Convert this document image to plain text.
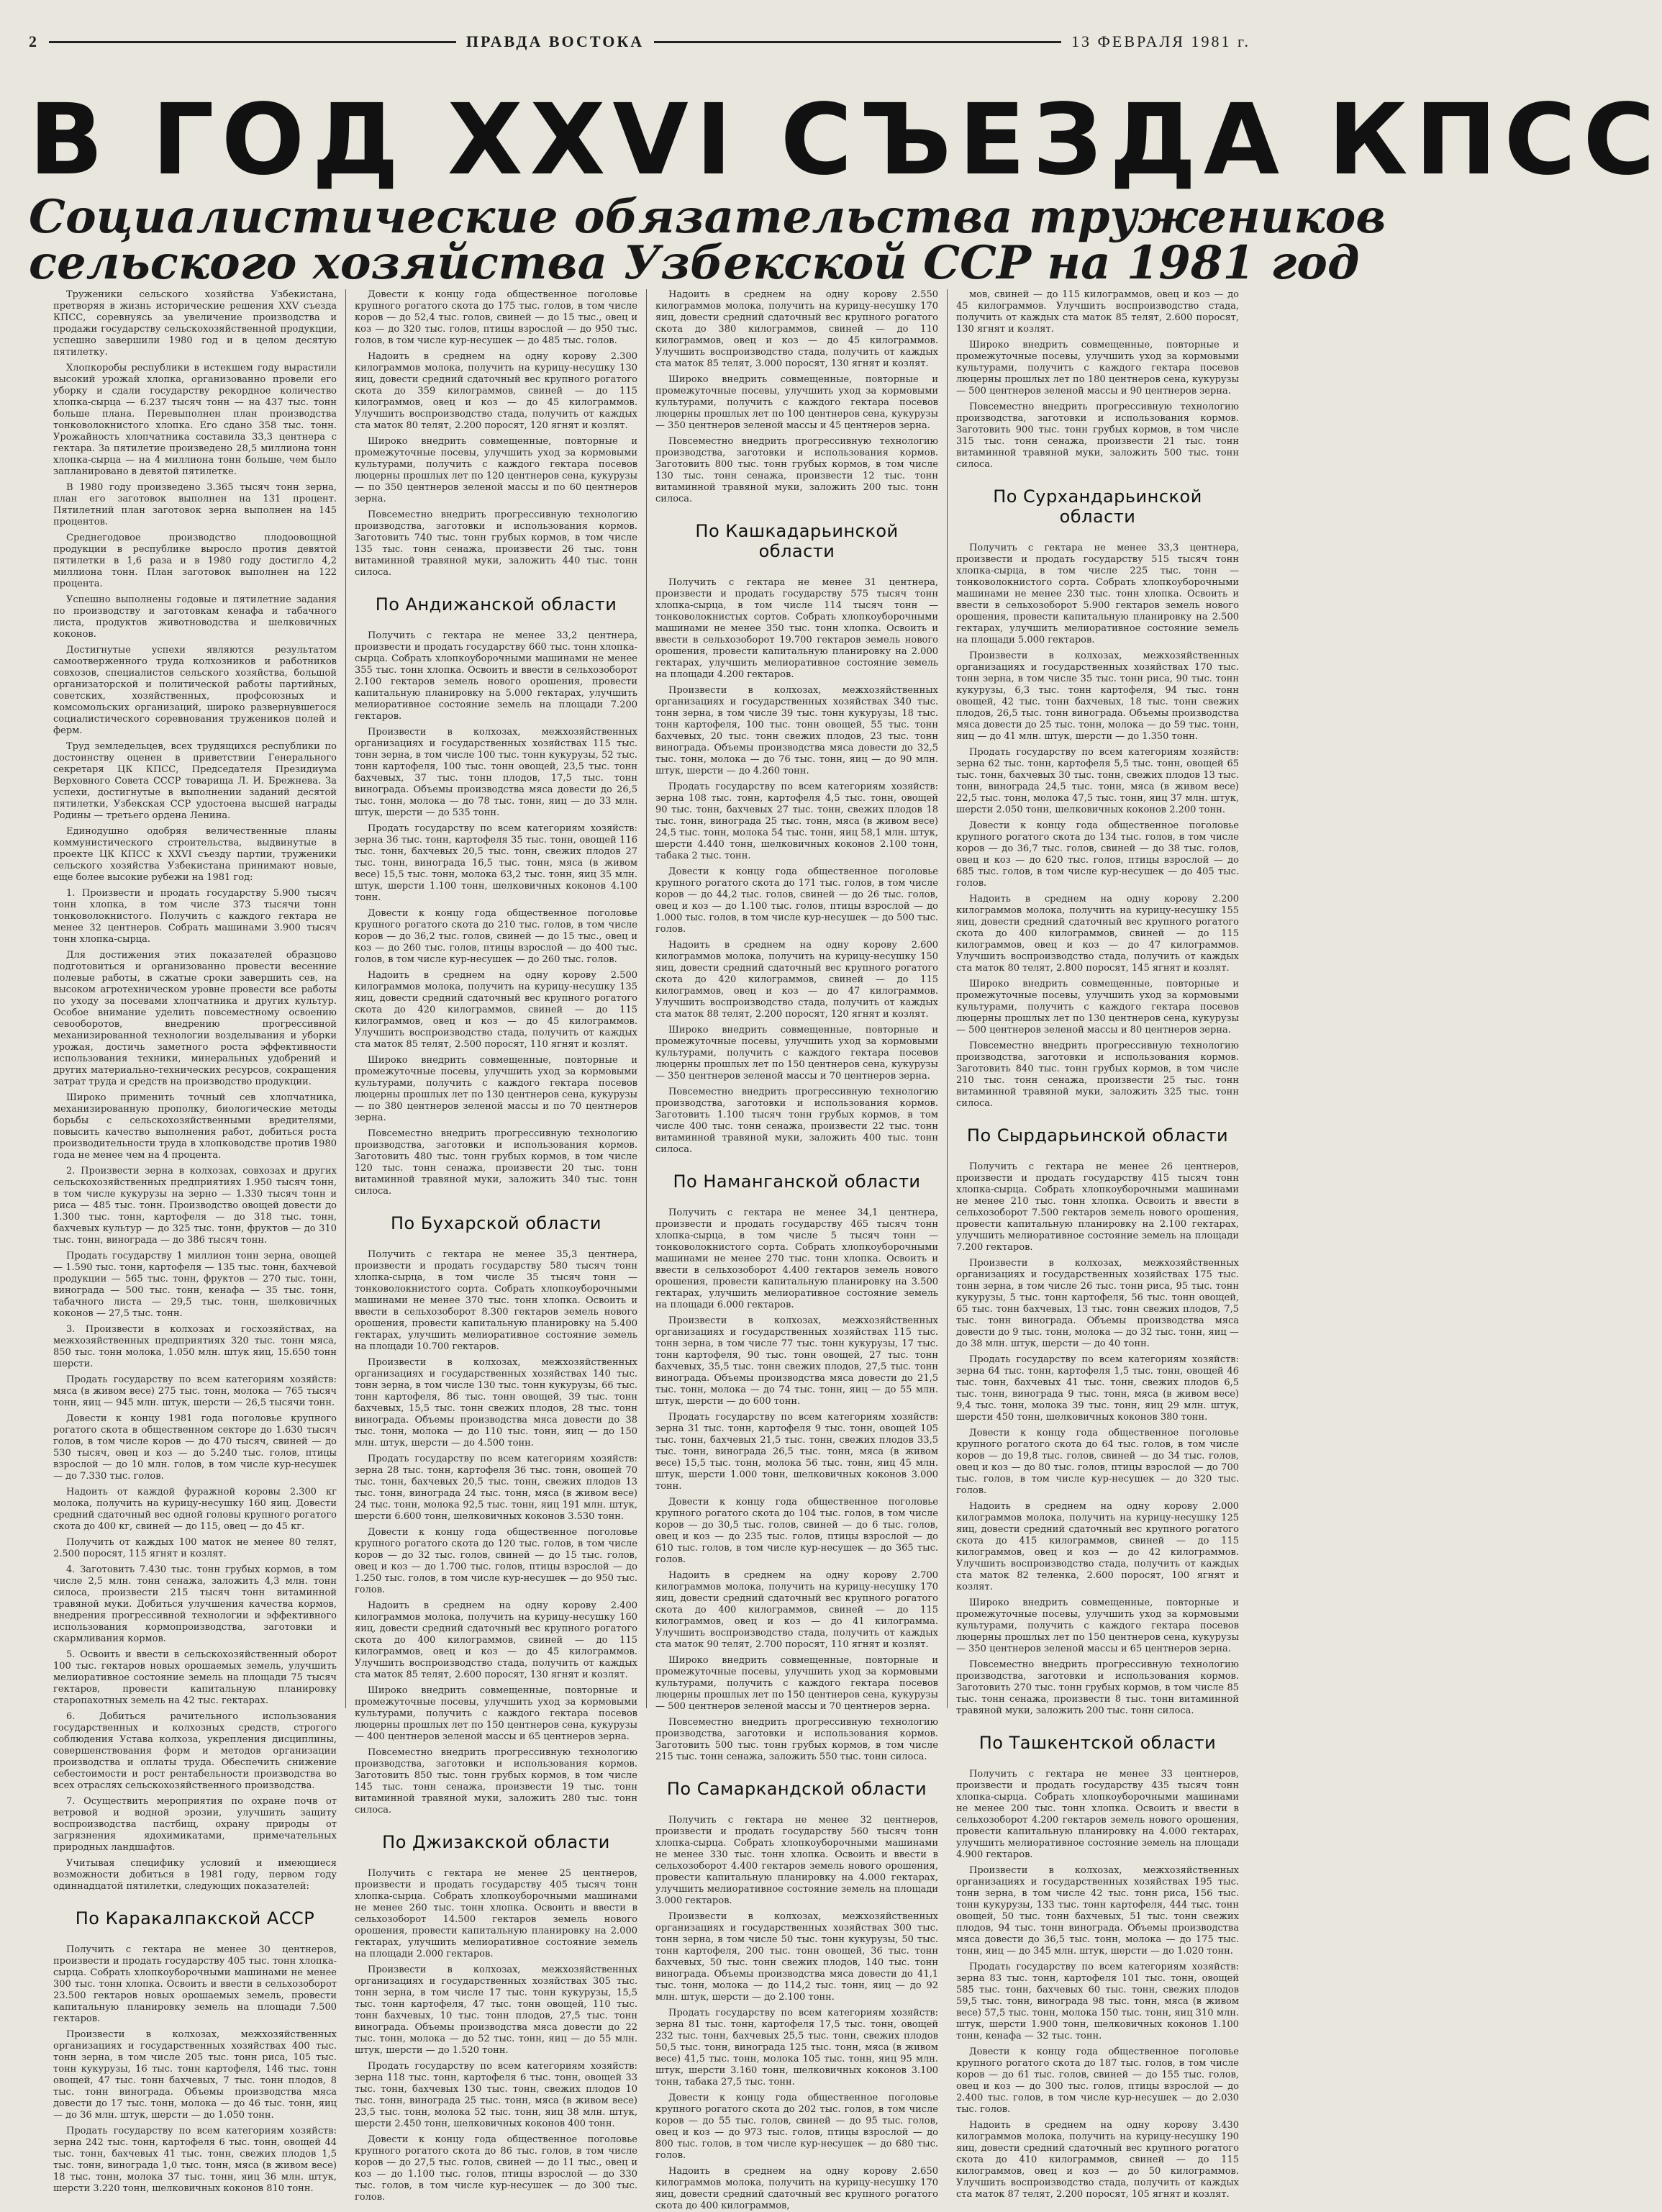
2	ПРАВДА ВОСТОКА	13 ФЕВРАЛЯ 1981 г.
В ГОД XXVI СЪЕЗДА КПСС
Социалистические обязательства тружеников
сельского хозяйства Узбекской ССР на 1981 год

Труженики сельского хозяйства Узбекистана, претворяя в жизнь исторические решения XXV съезда КПСС, соревнуясь за увеличение производства и продажи государству сельскохозяйственной продукции, успешно завершили 1980 год и в целом десятую пятилетку.

Хлопкоробы республики в истекшем году вырастили высокий урожай хлопка, организованно провели его уборку и сдали государству рекордное количество хлопка-сырца — 6.237 тысяч тонн — на 437 тыс. тонн больше плана. Перевыполнен план производства тонковолокнистого хлопка. Его сдано 358 тыс. тонн. Урожайность хлопчатника составила 33,3 центнера с гектара. За пятилетие произведено 28,5 миллиона тонн хлопка-сырца — на 4 миллиона тонн больше, чем было запланировано в девятой пятилетке.

В 1980 году произведено 3.365 тысяч тонн зерна, план его заготовок выполнен на 131 процент. Пятилетний план заготовок зерна выполнен на 145 процентов.

Среднегодовое производство плодоовощной продукции в республике выросло против девятой пятилетки в 1,6 раза и в 1980 году достигло 4,2 миллиона тонн. План заготовок выполнен на 122 процента.

Успешно выполнены годовые и пятилетние задания по производству и заготовкам кенафа и табачного листа, продуктов животноводства и шелковичных коконов.

Достигнутые успехи являются результатом самоотверженного труда колхозников и работников совхозов, специалистов сельского хозяйства, большой организаторской и политической работы партийных, советских, хозяйственных, профсоюзных и комсомольских организаций, широко развернувшегося социалистического соревнования тружеников полей и ферм.

Труд земледельцев, всех трудящихся республики по достоинству оценен в приветствии Генерального секретаря ЦК КПСС, Председателя Президиума Верховного Совета СССР товарища Л. И. Брежнева. За успехи, достигнутые в выполнении заданий десятой пятилетки, Узбекская ССР удостоена высшей награды Родины — третьего ордена Ленина.

Единодушно одобряя величественные планы коммунистического строительства, выдвинутые в проекте ЦК КПСС к XXVI съезду партии, труженики сельского хозяйства Узбекистана принимают новые, еще более высокие рубежи на 1981 год:

1. Произвести и продать государству 5.900 тысяч тонн хлопка, в том числе 373 тысячи тонн тонковолокнистого. Получить с каждого гектара не менее 32 центнеров. Собрать машинами 3.900 тысяч тонн хлопка-сырца.

Для достижения этих показателей образцово подготовиться и организованно провести весенние полевые работы, в сжатые сроки завершить сев, на высоком агротехническом уровне провести все работы по уходу за посевами хлопчатника и других культур. Особое внимание уделить повсеместному освоению севооборотов, внедрению прогрессивной механизированной технологии возделывания и уборки урожая, достичь заметного роста эффективности использования техники, минеральных удобрений и других материально-технических ресурсов, сокращения затрат труда и средств на производство продукции.

Широко применить точный сев хлопчатника, механизированную прополку, биологические методы борьбы с сельскохозяйственными вредителями, повысить качество выполнения работ, добиться роста производительности труда в хлопководстве против 1980 года не менее чем на 4 процента.

2. Произвести зерна в колхозах, совхозах и других сельскохозяйственных предприятиях 1.950 тысяч тонн, в том числе кукурузы на зерно — 1.330 тысяч тонн и риса — 485 тыс. тонн. Производство овощей довести до 1.300 тыс. тонн, картофеля — до 318 тыс. тонн, бахчевых культур — до 325 тыс. тонн, фруктов — до 310 тыс. тонн, винограда — до 386 тысяч тонн.

Продать государству 1 миллион тонн зерна, овощей — 1.590 тыс. тонн, картофеля — 135 тыс. тонн, бахчевой продукции — 565 тыс. тонн, фруктов — 270 тыс. тонн, винограда — 500 тыс. тонн, кенафа — 35 тыс. тонн, табачного листа — 29,5 тыс. тонн, шелковичных коконов — 27,5 тыс. тонн.

3. Произвести в колхозах и госхозяйствах, на межхозяйственных предприятиях 320 тыс. тонн мяса, 850 тыс. тонн молока, 1.050 млн. штук яиц, 15.650 тонн шерсти.

Продать государству по всем категориям хозяйств: мяса (в живом весе) 275 тыс. тонн, молока — 765 тысяч тонн, яиц — 945 млн. штук, шерсти — 26,5 тысячи тонн.

Довести к концу 1981 года поголовье крупного рогатого скота в общественном секторе до 1.630 тысяч голов, в том числе коров — до 470 тысяч, свиней — до 530 тысяч, овец и коз — до 5.240 тыс. голов, птицы взрослой — до 10 млн. голов, в том числе кур-несушек — до 7.330 тыс. голов.

Надоить от каждой фуражной коровы 2.300 кг молока, получить на курицу-несушку 160 яиц. Довести средний сдаточный вес одной головы крупного рогатого скота до 400 кг, свиней — до 115, овец — до 45 кг.

Получить от каждых 100 маток не менее 80 телят, 2.500 поросят, 115 ягнят и козлят.

4. Заготовить 7.430 тыс. тонн грубых кормов, в том числе 2,5 млн. тонн сенажа, заложить 4,3 млн. тонн силоса, произвести 215 тысяч тонн витаминной травяной муки. Добиться улучшения качества кормов, внедрения прогрессивной технологии и эффективного использования кормопроизводства, заготовки и скармливания кормов.

5. Освоить и ввести в сельскохозяйственный оборот 100 тыс. гектаров новых орошаемых земель, улучшить мелиоративное состояние земель на площади 75 тысяч гектаров, провести капитальную планировку старопахотных земель на 42 тыс. гектарах.

6. Добиться рачительного использования государственных и колхозных средств, строгого соблюдения Устава колхоза, укрепления дисциплины, совершенствования форм и методов организации производства и оплаты труда. Обеспечить снижение себестоимости и рост рентабельности производства во всех отраслях сельскохозяйственного производства.

7. Осуществить мероприятия по охране почв от ветровой и водной эрозии, улучшить защиту воспроизводства пастбищ, охрану природы от загрязнения ядохимикатами, примечательных природных ландшафтов.

Учитывая специфику условий и имеющиеся возможности добиться в 1981 году, первом году одиннадцатой пятилетки, следующих показателей:

По Каракалпакской АССР

Получить с гектара не менее 30 центнеров, произвести и продать государству 405 тыс. тонн хлопка-сырца. Собрать хлопкоуборочными машинами не менее 300 тыс. тонн хлопка. Освоить и ввести в сельхозоборот 23.500 гектаров новых орошаемых земель, провести капитальную планировку земель на площади 7.500 гектаров.

Произвести в колхозах, межхозяйственных организациях и государственных хозяйствах 400 тыс. тонн зерна, в том числе 205 тыс. тонн риса, 105 тыс. тонн кукурузы, 16 тыс. тонн картофеля, 146 тыс. тонн овощей, 47 тыс. тонн бахчевых, 7 тыс. тонн плодов, 8 тыс. тонн винограда. Объемы производства мяса довести до 17 тыс. тонн, молока — до 46 тыс. тонн, яиц — до 36 млн. штук, шерсти — до 1.050 тонн.

Продать государству по всем категориям хозяйств: зерна 242 тыс. тонн, картофеля 6 тыс. тонн, овощей 44 тыс. тонн, бахчевых 41 тыс. тонн, свежих плодов 1,5 тыс. тонн, винограда 1,0 тыс. тонн, мяса (в живом весе) 18 тыс. тонн, молока 37 тыс. тонн, яиц 36 млн. штук, шерсти 3.220 тонн, шелковичных коконов 810 тонн.

Довести к концу года общественное поголовье крупного рогатого скота до 175 тыс. голов, в том числе коров — до 52,4 тыс. голов, свиней — до 15 тыс., овец и коз — до 320 тыс. голов, птицы взрослой — до 950 тыс. голов, в том числе кур-несушек — до 485 тыс. голов.

Надоить в среднем на одну корову 2.300 килограммов молока, получить на курицу-несушку 130 яиц, довести средний сдаточный вес крупного рогатого скота до 359 килограммов, свиней — до 115 килограммов, овец и коз — до 45 килограммов. Улучшить воспроизводство стада, получить от каждых ста маток 80 телят, 2.200 поросят, 120 ягнят и козлят.

Широко внедрить совмещенные, повторные и промежуточные посевы, улучшить уход за кормовыми культурами, получить с каждого гектара посевов люцерны прошлых лет по 120 центнеров сена, кукурузы — по 350 центнеров зеленой массы и по 60 центнеров зерна.

Повсеместно внедрить прогрессивную технологию производства, заготовки и использования кормов. Заготовить 740 тыс. тонн грубых кормов, в том числе 135 тыс. тонн сенажа, произвести 26 тыс. тонн витаминной травяной муки, заложить 440 тыс. тонн силоса.

По Андижанской области

Получить с гектара не менее 33,2 центнера, произвести и продать государству 660 тыс. тонн хлопка-сырца. Собрать хлопкоуборочными машинами не менее 355 тыс. тонн хлопка. Освоить и ввести в сельхозоборот 2.100 гектаров земель нового орошения, провести капитальную планировку на 5.000 гектарах, улучшить мелиоративное состояние земель на площади 7.200 гектаров.

Произвести в колхозах, межхозяйственных организациях и государственных хозяйствах 115 тыс. тонн зерна, в том числе 100 тыс. тонн кукурузы, 52 тыс. тонн картофеля, 100 тыс. тонн овощей, 23,5 тыс. тонн бахчевых, 37 тыс. тонн плодов, 17,5 тыс. тонн винограда. Объемы производства мяса довести до 26,5 тыс. тонн, молока — до 78 тыс. тонн, яиц — до 33 млн. штук, шерсти — до 535 тонн.

Продать государству по всем категориям хозяйств: зерна 36 тыс. тонн, картофеля 35 тыс. тонн, овощей 116 тыс. тонн, бахчевых 20,5 тыс. тонн, свежих плодов 27 тыс. тонн, винограда 16,5 тыс. тонн, мяса (в живом весе) 15,5 тыс. тонн, молока 63,2 тыс. тонн, яиц 35 млн. штук, шерсти 1.100 тонн, шелковичных коконов 4.100 тонн.

Довести к концу года общественное поголовье крупного рогатого скота до 210 тыс. голов, в том числе коров — до 36,2 тыс. голов, свиней — до 15 тыс., овец и коз — до 260 тыс. голов, птицы взрослой — до 400 тыс. голов, в том числе кур-несушек — до 260 тыс. голов.

Надоить в среднем на одну корову 2.500 килограммов молока, получить на курицу-несушку 135 яиц, довести средний сдаточный вес крупного рогатого скота до 420 килограммов, свиней — до 115 килограммов, овец и коз — до 45 килограммов. Улучшить воспроизводство стада, получить от каждых ста маток 85 телят, 2.500 поросят, 110 ягнят и козлят.

Широко внедрить совмещенные, повторные и промежуточные посевы, улучшить уход за кормовыми культурами, получить с каждого гектара посевов люцерны прошлых лет по 130 центнеров сена, кукурузы — по 380 центнеров зеленой массы и по 70 центнеров зерна.

Повсеместно внедрить прогрессивную технологию производства, заготовки и использования кормов. Заготовить 480 тыс. тонн грубых кормов, в том числе 120 тыс. тонн сенажа, произвести 20 тыс. тонн витаминной травяной муки, заложить 340 тыс. тонн силоса.

По Бухарской области

Получить с гектара не менее 35,3 центнера, произвести и продать государству 580 тысяч тонн хлопка-сырца, в том числе 35 тысяч тонн — тонковолокнистого сорта. Собрать хлопкоуборочными машинами не менее 370 тыс. тонн хлопка. Освоить и ввести в сельхозоборот 8.300 гектаров земель нового орошения, провести капитальную планировку на 5.400 гектарах, улучшить мелиоративное состояние земель на площади 10.700 гектаров.

Произвести в колхозах, межхозяйственных организациях и государственных хозяйствах 140 тыс. тонн зерна, в том числе 130 тыс. тонн кукурузы, 66 тыс. тонн картофеля, 86 тыс. тонн овощей, 39 тыс. тонн бахчевых, 15,5 тыс. тонн свежих плодов, 28 тыс. тонн винограда. Объемы производства мяса довести до 38 тыс. тонн, молока — до 110 тыс. тонн, яиц — до 150 млн. штук, шерсти — до 4.500 тонн.

Продать государству по всем категориям хозяйств: зерна 28 тыс. тонн, картофеля 36 тыс. тонн, овощей 70 тыс. тонн, бахчевых 20,5 тыс. тонн, свежих плодов 13 тыс. тонн, винограда 24 тыс. тонн, мяса (в живом весе) 24 тыс. тонн, молока 92,5 тыс. тонн, яиц 191 млн. штук, шерсти 6.600 тонн, шелковичных коконов 3.530 тонн.

Довести к концу года общественное поголовье крупного рогатого скота до 120 тыс. голов, в том числе коров — до 32 тыс. голов, свиней — до 15 тыс. голов, овец и коз — до 1.700 тыс. голов, птицы взрослой — до 1.250 тыс. голов, в том числе кур-несушек — до 950 тыс. голов.

Надоить в среднем на одну корову 2.400 килограммов молока, получить на курицу-несушку 160 яиц, довести средний сдаточный вес крупного рогатого скота до 400 килограммов, свиней — до 115 килограммов, овец и коз — до 45 килограммов. Улучшить воспроизводство стада, получить от каждых ста маток 85 телят, 2.600 поросят, 130 ягнят и козлят.

Широко внедрить совмещенные, повторные и промежуточные посевы, улучшить уход за кормовыми культурами, получить с каждого гектара посевов люцерны прошлых лет по 150 центнеров сена, кукурузы — 400 центнеров зеленой массы и 65 центнеров зерна.

Повсеместно внедрить прогрессивную технологию производства, заготовки и использования кормов. Заготовить 850 тыс. тонн грубых кормов, в том числе 145 тыс. тонн сенажа, произвести 19 тыс. тонн витаминной травяной муки, заложить 280 тыс. тонн силоса.

По Джизакской области

Получить с гектара не менее 25 центнеров, произвести и продать государству 405 тысяч тонн хлопка-сырца. Собрать хлопкоуборочными машинами не менее 260 тыс. тонн хлопка. Освоить и ввести в сельхозоборот 14.500 гектаров земель нового орошения, провести капитальную планировку на 2.000 гектарах, улучшить мелиоративное состояние земель на площади 2.000 гектаров.

Произвести в колхозах, межхозяйственных организациях и государственных хозяйствах 305 тыс. тонн зерна, в том числе 17 тыс. тонн кукурузы, 15,5 тыс. тонн картофеля, 47 тыс. тонн овощей, 110 тыс. тонн бахчевых, 10 тыс. тонн плодов, 27,5 тыс. тонн винограда. Объемы производства мяса довести до 22 тыс. тонн, молока — до 52 тыс. тонн, яиц — до 55 млн. штук, шерсти — до 1.520 тонн.

Продать государству по всем категориям хозяйств: зерна 118 тыс. тонн, картофеля 6 тыс. тонн, овощей 33 тыс. тонн, бахчевых 130 тыс. тонн, свежих плодов 10 тыс. тонн, винограда 25 тыс. тонн, мяса (в живом весе) 23,5 тыс. тонн, молока 52 тыс. тонн, яиц 38 млн. штук, шерсти 2.450 тонн, шелковичных коконов 400 тонн.

Довести к концу года общественное поголовье крупного рогатого скота до 86 тыс. голов, в том числе коров — до 27,5 тыс. голов, свиней — до 11 тыс., овец и коз — до 1.100 тыс. голов, птицы взрослой — до 330 тыс. голов, в том числе кур-несушек — до 300 тыс. голов.

Надоить в среднем на одну корову 2.550 килограммов молока, получить на курицу-несушку 170 яиц, довести средний сдаточный вес крупного рогатого скота до 380 килограммов, свиней — до 110 килограммов, овец и коз — до 45 килограммов. Улучшить воспроизводство стада, получить от каждых ста маток 85 телят, 3.000 поросят, 130 ягнят и козлят.

Широко внедрить совмещенные, повторные и промежуточные посевы, улучшить уход за кормовыми культурами, получить с каждого гектара посевов люцерны прошлых лет по 100 центнеров сена, кукурузы — 350 центнеров зеленой массы и 45 центнеров зерна.

Повсеместно внедрить прогрессивную технологию производства, заготовки и использования кормов. Заготовить 800 тыс. тонн грубых кормов, в том числе 130 тыс. тонн сенажа, произвести 12 тыс. тонн витаминной травяной муки, заложить 200 тыс. тонн силоса.

По Кашкадарьинской области

Получить с гектара не менее 31 центнера, произвести и продать государству 575 тысяч тонн хлопка-сырца, в том числе 114 тысяч тонн — тонковолокнистых сортов. Собрать хлопкоуборочными машинами не менее 350 тыс. тонн хлопка. Освоить и ввести в сельхозоборот 19.700 гектаров земель нового орошения, провести капитальную планировку на 2.000 гектарах, улучшить мелиоративное состояние земель на площади 4.200 гектаров.

Произвести в колхозах, межхозяйственных организациях и государственных хозяйствах 340 тыс. тонн зерна, в том числе 39 тыс. тонн кукурузы, 18 тыс. тонн картофеля, 100 тыс. тонн овощей, 55 тыс. тонн бахчевых, 20 тыс. тонн свежих плодов, 23 тыс. тонн винограда. Объемы производства мяса довести до 32,5 тыс. тонн, молока — до 76 тыс. тонн, яиц — до 90 млн. штук, шерсти — до 4.260 тонн.

Продать государству по всем категориям хозяйств: зерна 108 тыс. тонн, картофеля 4,5 тыс. тонн, овощей 90 тыс. тонн, бахчевых 27 тыс. тонн, свежих плодов 18 тыс. тонн, винограда 25 тыс. тонн, мяса (в живом весе) 24,5 тыс. тонн, молока 54 тыс. тонн, яиц 58,1 млн. штук, шерсти 4.440 тонн, шелковичных коконов 2.100 тонн, табака 2 тыс. тонн.

Довести к концу года общественное поголовье крупного рогатого скота до 171 тыс. голов, в том числе коров — до 44,2 тыс. голов, свиней — до 26 тыс. голов, овец и коз — до 1.100 тыс. голов, птицы взрослой — до 1.000 тыс. голов, в том числе кур-несушек — до 500 тыс. голов.

Надоить в среднем на одну корову 2.600 килограммов молока, получить на курицу-несушку 150 яиц, довести средний сдаточный вес крупного рогатого скота до 420 килограммов, свиней — до 115 килограммов, овец и коз — до 47 килограммов. Улучшить воспроизводство стада, получить от каждых ста маток 88 телят, 2.200 поросят, 120 ягнят и козлят.

Широко внедрить совмещенные, повторные и промежуточные посевы, улучшить уход за кормовыми культурами, получить с каждого гектара посевов люцерны прошлых лет по 150 центнеров сена, кукурузы — 350 центнеров зеленой массы и 70 центнеров зерна.

Повсеместно внедрить прогрессивную технологию производства, заготовки и использования кормов. Заготовить 1.100 тысяч тонн грубых кормов, в том числе 400 тыс. тонн сенажа, произвести 22 тыс. тонн витаминной травяной муки, заложить 400 тыс. тонн силоса.

По Наманганской области

Получить с гектара не менее 34,1 центнера, произвести и продать государству 465 тысяч тонн хлопка-сырца, в том числе 5 тысяч тонн — тонковолокнистого сорта. Собрать хлопкоуборочными машинами не менее 270 тыс. тонн хлопка. Освоить и ввести в сельхозоборот 4.400 гектаров земель нового орошения, провести капитальную планировку на 3.500 гектарах, улучшить мелиоративное состояние земель на площади 6.000 гектаров.

Произвести в колхозах, межхозяйственных организациях и государственных хозяйствах 115 тыс. тонн зерна, в том числе 77 тыс. тонн кукурузы, 17 тыс. тонн картофеля, 90 тыс. тонн овощей, 27 тыс. тонн бахчевых, 35,5 тыс. тонн свежих плодов, 27,5 тыс. тонн винограда. Объемы производства мяса довести до 21,5 тыс. тонн, молока — до 74 тыс. тонн, яиц — до 55 млн. штук, шерсти — до 600 тонн.

Продать государству по всем категориям хозяйств: зерна 31 тыс. тонн, картофеля 9 тыс. тонн, овощей 105 тыс. тонн, бахчевых 21,5 тыс. тонн, свежих плодов 33,5 тыс. тонн, винограда 26,5 тыс. тонн, мяса (в живом весе) 15,5 тыс. тонн, молока 56 тыс. тонн, яиц 45 млн. штук, шерсти 1.000 тонн, шелковичных коконов 3.000 тонн.

Довести к концу года общественное поголовье крупного рогатого скота до 104 тыс. голов, в том числе коров — до 30,5 тыс. голов, свиней — до 6 тыс. голов, овец и коз — до 235 тыс. голов, птицы взрослой — до 610 тыс. голов, в том числе кур-несушек — до 365 тыс. голов.

Надоить в среднем на одну корову 2.700 килограммов молока, получить на курицу-несушку 170 яиц, довести средний сдаточный вес крупного рогатого скота до 400 килограммов, свиней — до 115 килограммов, овец и коз — до 41 килограмма. Улучшить воспроизводство стада, получить от каждых ста маток 90 телят, 2.700 поросят, 110 ягнят и козлят.

Широко внедрить совмещенные, повторные и промежуточные посевы, улучшить уход за кормовыми культурами, получить с каждого гектара посевов люцерны прошлых лет по 150 центнеров сена, кукурузы — 500 центнеров зеленой массы и 70 центнеров зерна.

Повсеместно внедрить прогрессивную технологию производства, заготовки и использования кормов. Заготовить 500 тыс. тонн грубых кормов, в том числе 215 тыс. тонн сенажа, заложить 550 тыс. тонн силоса.

По Самаркандской области

Получить с гектара не менее 32 центнеров, произвести и продать государству 560 тысяч тонн хлопка-сырца. Собрать хлопкоуборочными машинами не менее 330 тыс. тонн хлопка. Освоить и ввести в сельхозоборот 4.400 гектаров земель нового орошения, провести капитальную планировку на 4.000 гектарах, улучшить мелиоративное состояние земель на площади 3.000 гектаров.

Произвести в колхозах, межхозяйственных организациях и государственных хозяйствах 300 тыс. тонн зерна, в том числе 50 тыс. тонн кукурузы, 50 тыс. тонн картофеля, 200 тыс. тонн овощей, 36 тыс. тонн бахчевых, 50 тыс. тонн свежих плодов, 140 тыс. тонн винограда. Объемы производства мяса довести до 41,1 тыс. тонн, молока — до 114,2 тыс. тонн, яиц — до 92 млн. штук, шерсти — до 2.100 тонн.

Продать государству по всем категориям хозяйств: зерна 81 тыс. тонн, картофеля 17,5 тыс. тонн, овощей 232 тыс. тонн, бахчевых 25,5 тыс. тонн, свежих плодов 50,5 тыс. тонн, винограда 125 тыс. тонн, мяса (в живом весе) 41,5 тыс. тонн, молока 105 тыс. тонн, яиц 95 млн. штук, шерсти 3.160 тонн, шелковичных коконов 3.100 тонн, табака 27,5 тыс. тонн.

Довести к концу года общественное поголовье крупного рогатого скота до 202 тыс. голов, в том числе коров — до 55 тыс. голов, свиней — до 95 тыс. голов, овец и коз — до 973 тыс. голов, птицы взрослой — до 800 тыс. голов, в том числе кур-несушек — до 680 тыс. голов.

Надоить в среднем на одну корову 2.650 килограммов молока, получить на курицу-несушку 170 яиц, довести средний сдаточный вес крупного рогатого скота до 400 килограммов,

мов, свиней — до 115 килограммов, овец и коз — до 45 килограммов. Улучшить воспроизводство стада, получить от каждых ста маток 85 телят, 2.600 поросят, 130 ягнят и козлят.

Широко внедрить совмещенные, повторные и промежуточные посевы, улучшить уход за кормовыми культурами, получить с каждого гектара посевов люцерны прошлых лет по 180 центнеров сена, кукурузы — 500 центнеров зеленой массы и 90 центнеров зерна.

Повсеместно внедрить прогрессивную технологию производства, заготовки и использования кормов. Заготовить 900 тыс. тонн грубых кормов, в том числе 315 тыс. тонн сенажа, произвести 21 тыс. тонн витаминной травяной муки, заложить 500 тыс. тонн силоса.

По Сурхандарьинской области

Получить с гектара не менее 33,3 центнера, произвести и продать государству 515 тысяч тонн хлопка-сырца, в том числе 225 тыс. тонн — тонковолокнистого сорта. Собрать хлопкоуборочными машинами не менее 230 тыс. тонн хлопка. Освоить и ввести в сельхозоборот 5.900 гектаров земель нового орошения, провести капитальную планировку на 2.500 гектарах, улучшить мелиоративное состояние земель на площади 5.000 гектаров.

Произвести в колхозах, межхозяйственных организациях и государственных хозяйствах 170 тыс. тонн зерна, в том числе 35 тыс. тонн риса, 90 тыс. тонн кукурузы, 6,3 тыс. тонн картофеля, 94 тыс. тонн овощей, 42 тыс. тонн бахчевых, 18 тыс. тонн свежих плодов, 26,5 тыс. тонн винограда. Объемы производства мяса довести до 25 тыс. тонн, молока — до 59 тыс. тонн, яиц — до 41 млн. штук, шерсти — до 1.350 тонн.

Продать государству по всем категориям хозяйств: зерна 62 тыс. тонн, картофеля 5,5 тыс. тонн, овощей 65 тыс. тонн, бахчевых 30 тыс. тонн, свежих плодов 13 тыс. тонн, винограда 24,5 тыс. тонн, мяса (в живом весе) 22,5 тыс. тонн, молока 47,5 тыс. тонн, яиц 37 млн. штук, шерсти 2.050 тонн, шелковичных коконов 2.200 тонн.

Довести к концу года общественное поголовье крупного рогатого скота до 134 тыс. голов, в том числе коров — до 36,7 тыс. голов, свиней — до 38 тыс. голов, овец и коз — до 620 тыс. голов, птицы взрослой — до 685 тыс. голов, в том числе кур-несушек — до 405 тыс. голов.

Надоить в среднем на одну корову 2.200 килограммов молока, получить на курицу-несушку 155 яиц, довести средний сдаточный вес крупного рогатого скота до 400 килограммов, свиней — до 115 килограммов, овец и коз — до 47 килограммов. Улучшить воспроизводство стада, получить от каждых ста маток 80 телят, 2.800 поросят, 145 ягнят и козлят.

Широко внедрить совмещенные, повторные и промежуточные посевы, улучшить уход за кормовыми культурами, получить с каждого гектара посевов люцерны прошлых лет по 130 центнеров сена, кукурузы — 500 центнеров зеленой массы и 80 центнеров зерна.

Повсеместно внедрить прогрессивную технологию производства, заготовки и использования кормов. Заготовить 840 тыс. тонн грубых кормов, в том числе 210 тыс. тонн сенажа, произвести 25 тыс. тонн витаминной травяной муки, заложить 325 тыс. тонн силоса.

По Сырдарьинской области

Получить с гектара не менее 26 центнеров, произвести и продать государству 415 тысяч тонн хлопка-сырца. Собрать хлопкоуборочными машинами не менее 210 тыс. тонн хлопка. Освоить и ввести в сельхозоборот 7.500 гектаров земель нового орошения, провести капитальную планировку на 2.100 гектарах, улучшить мелиоративное состояние земель на площади 7.200 гектаров.

Произвести в колхозах, межхозяйственных организациях и государственных хозяйствах 175 тыс. тонн зерна, в том числе 26 тыс. тонн риса, 95 тыс. тонн кукурузы, 5 тыс. тонн картофеля, 56 тыс. тонн овощей, 65 тыс. тонн бахчевых, 13 тыс. тонн свежих плодов, 7,5 тыс. тонн винограда. Объемы производства мяса довести до 9 тыс. тонн, молока — до 32 тыс. тонн, яиц — до 38 млн. штук, шерсти — до 40 тонн.

Продать государству по всем категориям хозяйств: зерна 64 тыс. тонн, картофеля 1,5 тыс. тонн, овощей 46 тыс. тонн, бахчевых 41 тыс. тонн, свежих плодов 6,5 тыс. тонн, винограда 9 тыс. тонн, мяса (в живом весе) 9,4 тыс. тонн, молока 39 тыс. тонн, яиц 29 млн. штук, шерсти 450 тонн, шелковичных коконов 380 тонн.

Довести к концу года общественное поголовье крупного рогатого скота до 64 тыс. голов, в том числе коров — до 19,8 тыс. голов, свиней — до 34 тыс. голов, овец и коз — до 80 тыс. голов, птицы взрослой — до 700 тыс. голов, в том числе кур-несушек — до 320 тыс. голов.

Надоить в среднем на одну корову 2.000 килограммов молока, получить на курицу-несушку 125 яиц, довести средний сдаточный вес крупного рогатого скота до 415 килограммов, свиней — до 115 килограммов, овец и коз — до 42 килограммов. Улучшить воспроизводство стада, получить от каждых ста маток 82 теленка, 2.600 поросят, 100 ягнят и козлят.

Широко внедрить совмещенные, повторные и промежуточные посевы, улучшить уход за кормовыми культурами, получить с каждого гектара посевов люцерны прошлых лет по 150 центнеров сена, кукурузы — 350 центнеров зеленой массы и 65 центнеров зерна.

Повсеместно внедрить прогрессивную технологию производства, заготовки и использования кормов. Заготовить 270 тыс. тонн грубых кормов, в том числе 85 тыс. тонн сенажа, произвести 8 тыс. тонн витаминной травяной муки, заложить 200 тыс. тонн силоса.

По Ташкентской области

Получить с гектара не менее 33 центнеров, произвести и продать государству 435 тысяч тонн хлопка-сырца. Собрать хлопкоуборочными машинами не менее 200 тыс. тонн хлопка. Освоить и ввести в сельхозоборот 4.200 гектаров земель нового орошения, провести капитальную планировку на 4.000 гектарах, улучшить мелиоративное состояние земель на площади 4.900 гектаров.

Произвести в колхозах, межхозяйственных организациях и государственных хозяйствах 195 тыс. тонн зерна, в том числе 42 тыс. тонн риса, 156 тыс. тонн кукурузы, 133 тыс. тонн картофеля, 444 тыс. тонн овощей, 50 тыс. тонн бахчевых, 51 тыс. тонн свежих плодов, 94 тыс. тонн винограда. Объемы производства мяса довести до 36,5 тыс. тонн, молока — до 175 тыс. тонн, яиц — до 345 млн. штук, шерсти — до 1.020 тонн.

Продать государству по всем категориям хозяйств: зерна 83 тыс. тонн, картофеля 101 тыс. тонн, овощей 585 тыс. тонн, бахчевых 60 тыс. тонн, свежих плодов 59,5 тыс. тонн, винограда 98 тыс. тонн, мяса (в живом весе) 57,5 тыс. тонн, молока 150 тыс. тонн, яиц 310 млн. штук, шерсти 1.900 тонн, шелковичных коконов 1.100 тонн, кенафа — 32 тыс. тонн.

Довести к концу года общественное поголовье крупного рогатого скота до 187 тыс. голов, в том числе коров — до 61 тыс. голов, свиней — до 155 тыс. голов, овец и коз — до 300 тыс. голов, птицы взрослой — до 2.400 тыс. голов, в том числе кур-несушек — до 2.030 тыс. голов.

Надоить в среднем на одну корову 3.430 килограммов молока, получить на курицу-несушку 190 яиц, довести средний сдаточный вес крупного рогатого скота до 410 килограммов, свиней — до 115 килограммов, овец и коз — до 50 килограммов. Улучшить воспроизводство стада, получить от каждых ста маток 87 телят, 2.200 поросят, 105 ягнят и козлят.
